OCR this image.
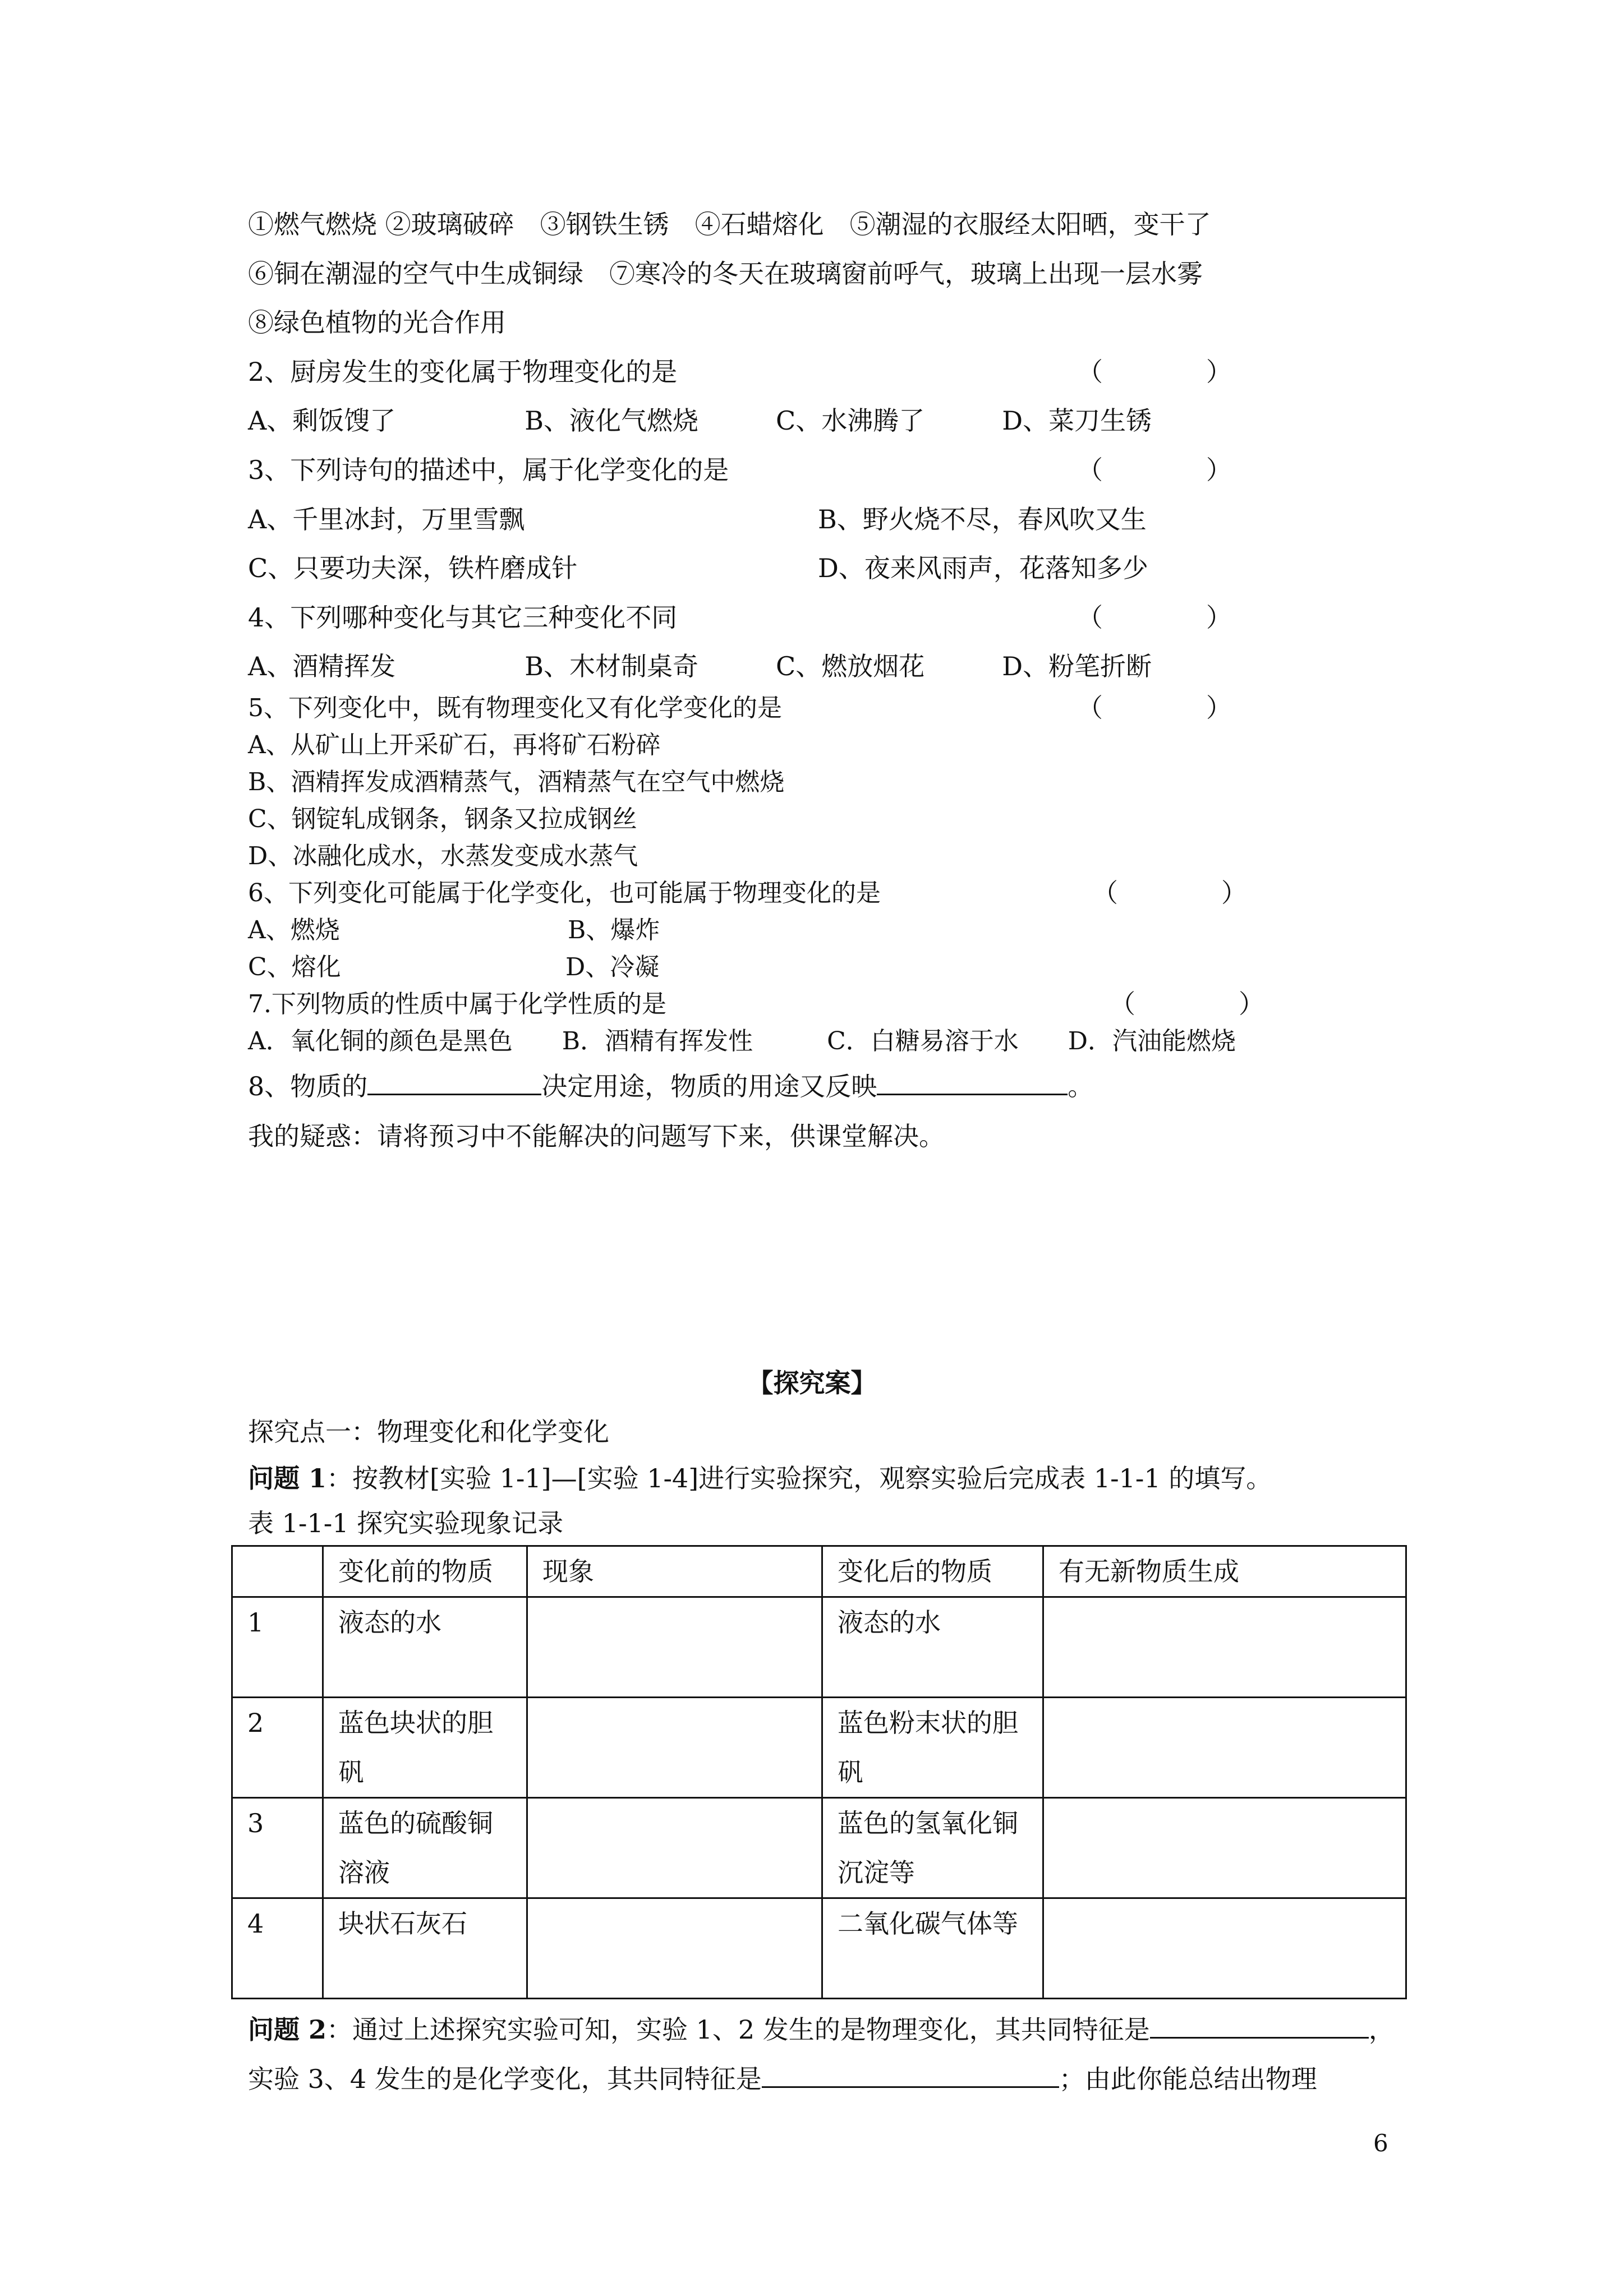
①燃气燃烧 ②玻璃破碎　③钢铁生锈　④石蜡熔化　⑤潮湿的衣服经太阳晒，变干了
⑥铜在潮湿的空气中生成铜绿　⑦寒冷的冬天在玻璃窗前呼气，玻璃上出现一层水雾
⑧绿色植物的光合作用
2、厨房发生的变化属于物理变化的是	（　　　　）
A、剩饭馊了　　　　　B、液化气燃烧　　　C、水沸腾了　　　D、菜刀生锈
3、下列诗句的描述中，属于化学变化的是	（　　　　）
A、千里冰封，万里雪飘	B、野火烧不尽，春风吹又生
C、只要功夫深，铁杵磨成针	D、夜来风雨声，花落知多少
4、下列哪种变化与其它三种变化不同	（　　　　）
A、酒精挥发　　　　　B、木材制桌奇　　　C、燃放烟花　　　D、粉笔折断
5、下列变化中，既有物理变化又有化学变化的是	（　　　　）
A、从矿山上开采矿石，再将矿石粉碎
B、酒精挥发成酒精蒸气，酒精蒸气在空气中燃烧
C、钢锭轧成钢条，钢条又拉成钢丝
D、冰融化成水，水蒸发变成水蒸气
6、下列变化可能属于化学变化，也可能属于物理变化的是	（　　　　）
A、燃烧	B、爆炸
C、熔化	D、冷凝
7.下列物质的性质中属于化学性质的是	（　　　　）
A．氧化铜的颜色是黑色　　B．酒精有挥发性　　　C．白糖易溶于水　　D．汽油能燃烧
8、物质的	决定用途，物质的用途又反映	。
我的疑惑：请将预习中不能解决的问题写下来，供课堂解决。
【探究案】
探究点一：物理变化和化学变化
问题 1：按教材[实验 1-1]—[实验 1-4]进行实验探究，观察实验后完成表 1-1-1 的填写。
表 1-1-1 探究实验现象记录
	变化前的物质	现象	变化后的物质	有无新物质生成
1	液态的水		液态的水	
2	蓝色块状的胆矾		蓝色粉末状的胆矾	
3	蓝色的硫酸铜溶液		蓝色的氢氧化铜沉淀等	
4	块状石灰石		二氧化碳气体等	
问题 2：通过上述探究实验可知，实验 1、2 发生的是物理变化，其共同特征是	，
实验 3、4 发生的是化学变化，其共同特征是	；由此你能总结出物理
6
